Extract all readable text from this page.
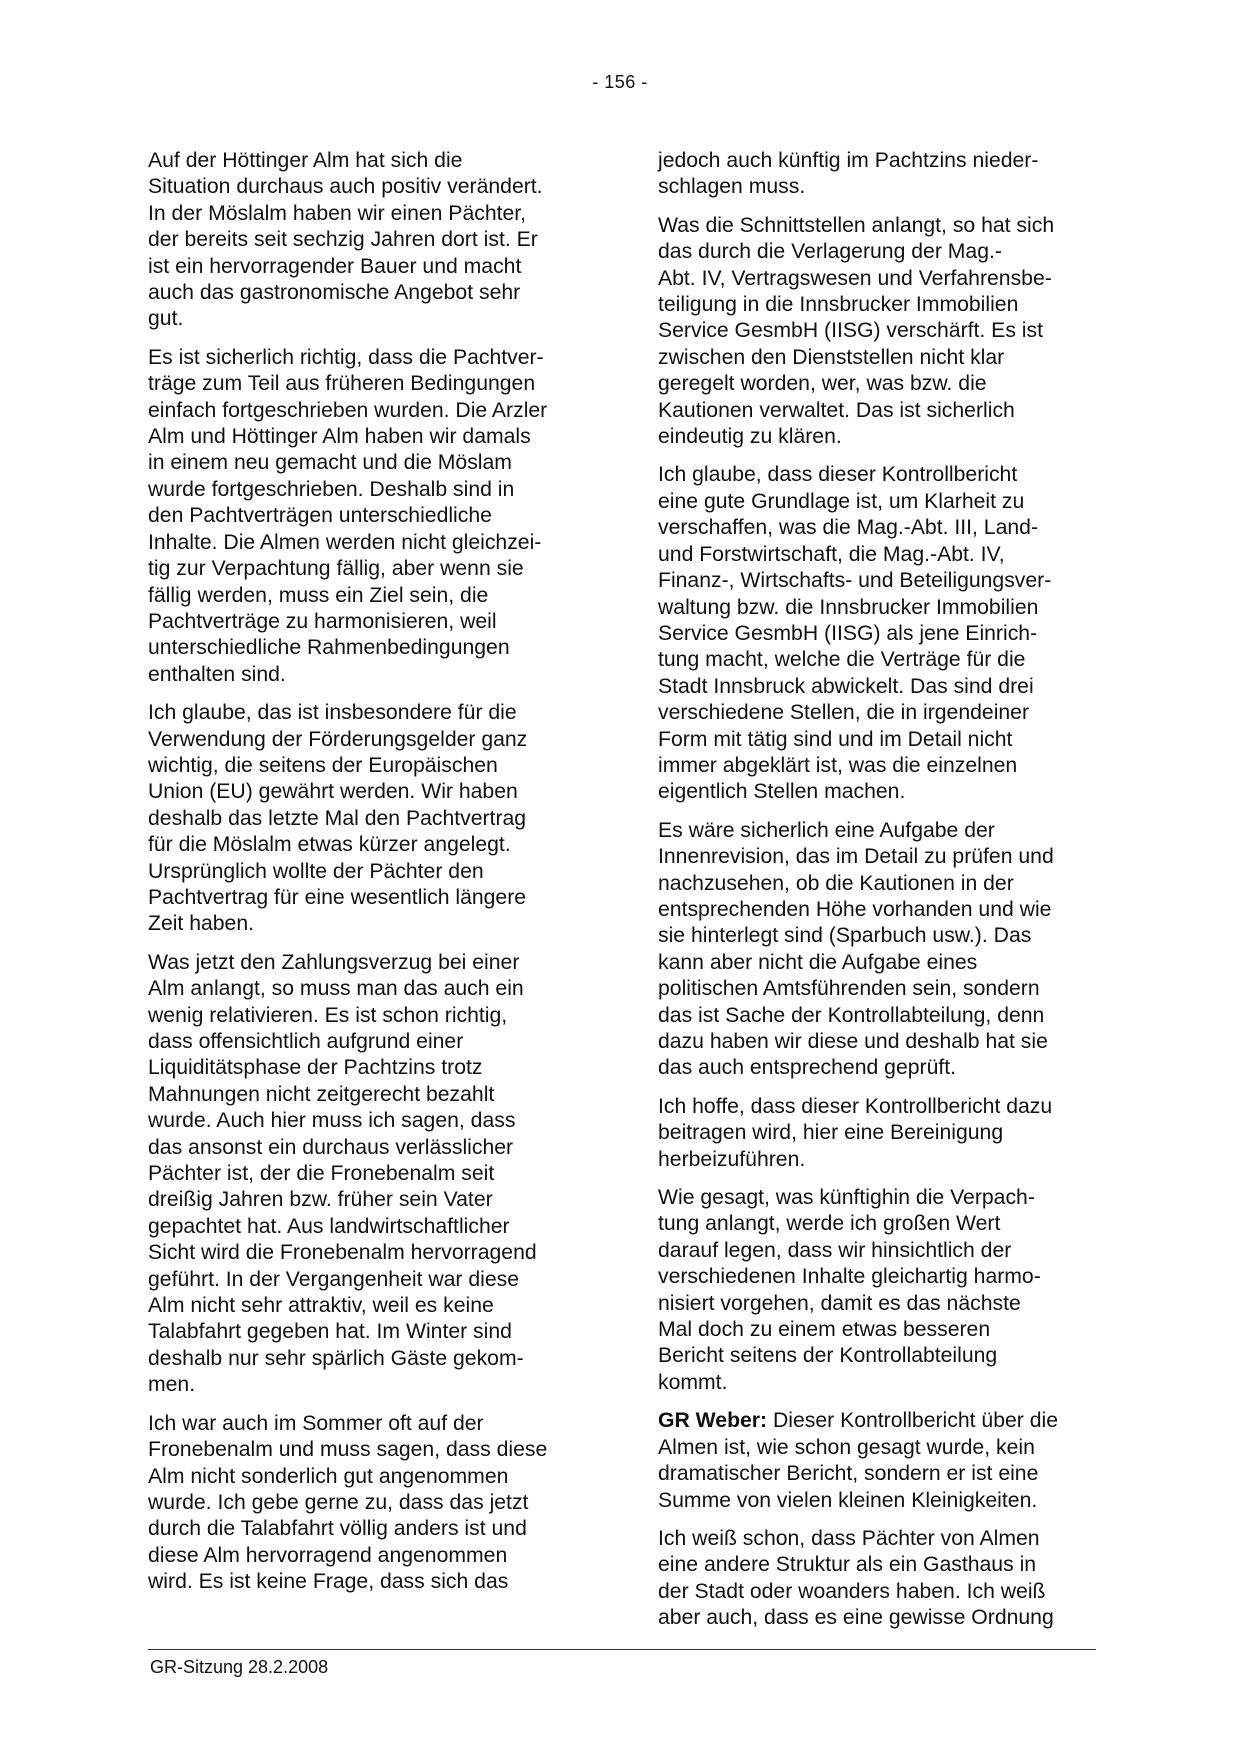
- 156 -

Auf der Höttinger Alm hat sich die
Situation durchaus auch positiv verändert.
In der Möslalm haben wir einen Pächter,
der bereits seit sechzig Jahren dort ist. Er
ist ein hervorragender Bauer und macht
auch das gastronomische Angebot sehr
gut.

Es ist sicherlich richtig, dass die Pachtver-
träge zum Teil aus früheren Bedingungen
einfach fortgeschrieben wurden. Die Arzler
Alm und Höttinger Alm haben wir damals
in einem neu gemacht und die Möslam
wurde fortgeschrieben. Deshalb sind in
den Pachtverträgen unterschiedliche
Inhalte. Die Almen werden nicht gleichzei-
tig zur Verpachtung fällig, aber wenn sie
fällig werden, muss ein Ziel sein, die
Pachtverträge zu harmonisieren, weil
unterschiedliche Rahmenbedingungen
enthalten sind.

Ich glaube, das ist insbesondere für die
Verwendung der Förderungsgelder ganz
wichtig, die seitens der Europäischen
Union (EU) gewährt werden. Wir haben
deshalb das letzte Mal den Pachtvertrag
für die Möslalm etwas kürzer angelegt.
Ursprünglich wollte der Pächter den
Pachtvertrag für eine wesentlich längere
Zeit haben.

Was jetzt den Zahlungsverzug bei einer
Alm anlangt, so muss man das auch ein
wenig relativieren. Es ist schon richtig,
dass offensichtlich aufgrund einer
Liquiditätsphase der Pachtzins trotz
Mahnungen nicht zeitgerecht bezahlt
wurde. Auch hier muss ich sagen, dass
das ansonst ein durchaus verlässlicher
Pächter ist, der die Fronebenalm seit
dreißig Jahren bzw. früher sein Vater
gepachtet hat. Aus landwirtschaftlicher
Sicht wird die Fronebenalm hervorragend
geführt. In der Vergangenheit war diese
Alm nicht sehr attraktiv, weil es keine
Talabfahrt gegeben hat. Im Winter sind
deshalb nur sehr spärlich Gäste gekom-
men.

Ich war auch im Sommer oft auf der
Fronebenalm und muss sagen, dass diese
Alm nicht sonderlich gut angenommen
wurde. Ich gebe gerne zu, dass das jetzt
durch die Talabfahrt völlig anders ist und
diese Alm hervorragend angenommen
wird. Es ist keine Frage, dass sich das

jedoch auch künftig im Pachtzins nieder-
schlagen muss.

Was die Schnittstellen anlangt, so hat sich
das durch die Verlagerung der Mag.-
Abt. IV, Vertragswesen und Verfahrensbe-
teiligung in die Innsbrucker Immobilien
Service GesmbH (IISG) verschärft. Es ist
zwischen den Dienststellen nicht klar
geregelt worden, wer, was bzw. die
Kautionen verwaltet. Das ist sicherlich
eindeutig zu klären.

Ich glaube, dass dieser Kontrollbericht
eine gute Grundlage ist, um Klarheit zu
verschaffen, was die Mag.-Abt. III, Land-
und Forstwirtschaft, die Mag.-Abt. IV,
Finanz-, Wirtschafts- und Beteiligungsver-
waltung bzw. die Innsbrucker Immobilien
Service GesmbH (IISG) als jene Einrich-
tung macht, welche die Verträge für die
Stadt Innsbruck abwickelt. Das sind drei
verschiedene Stellen, die in irgendeiner
Form mit tätig sind und im Detail nicht
immer abgeklärt ist, was die einzelnen
eigentlich Stellen machen.

Es wäre sicherlich eine Aufgabe der
Innenrevision, das im Detail zu prüfen und
nachzusehen, ob die Kautionen in der
entsprechenden Höhe vorhanden und wie
sie hinterlegt sind (Sparbuch usw.). Das
kann aber nicht die Aufgabe eines
politischen Amtsführenden sein, sondern
das ist Sache der Kontrollabteilung, denn
dazu haben wir diese und deshalb hat sie
das auch entsprechend geprüft.

Ich hoffe, dass dieser Kontrollbericht dazu
beitragen wird, hier eine Bereinigung
herbeizuführen.

Wie gesagt, was künftighin die Verpach-
tung anlangt, werde ich großen Wert
darauf legen, dass wir hinsichtlich der
verschiedenen Inhalte gleichartig harmo-
nisiert vorgehen, damit es das nächste
Mal doch zu einem etwas besseren
Bericht seitens der Kontrollabteilung
kommt.

GR Weber: Dieser Kontrollbericht über die
Almen ist, wie schon gesagt wurde, kein
dramatischer Bericht, sondern er ist eine
Summe von vielen kleinen Kleinigkeiten.

Ich weiß schon, dass Pächter von Almen
eine andere Struktur als ein Gasthaus in
der Stadt oder woanders haben. Ich weiß
aber auch, dass es eine gewisse Ordnung

GR-Sitzung 28.2.2008
